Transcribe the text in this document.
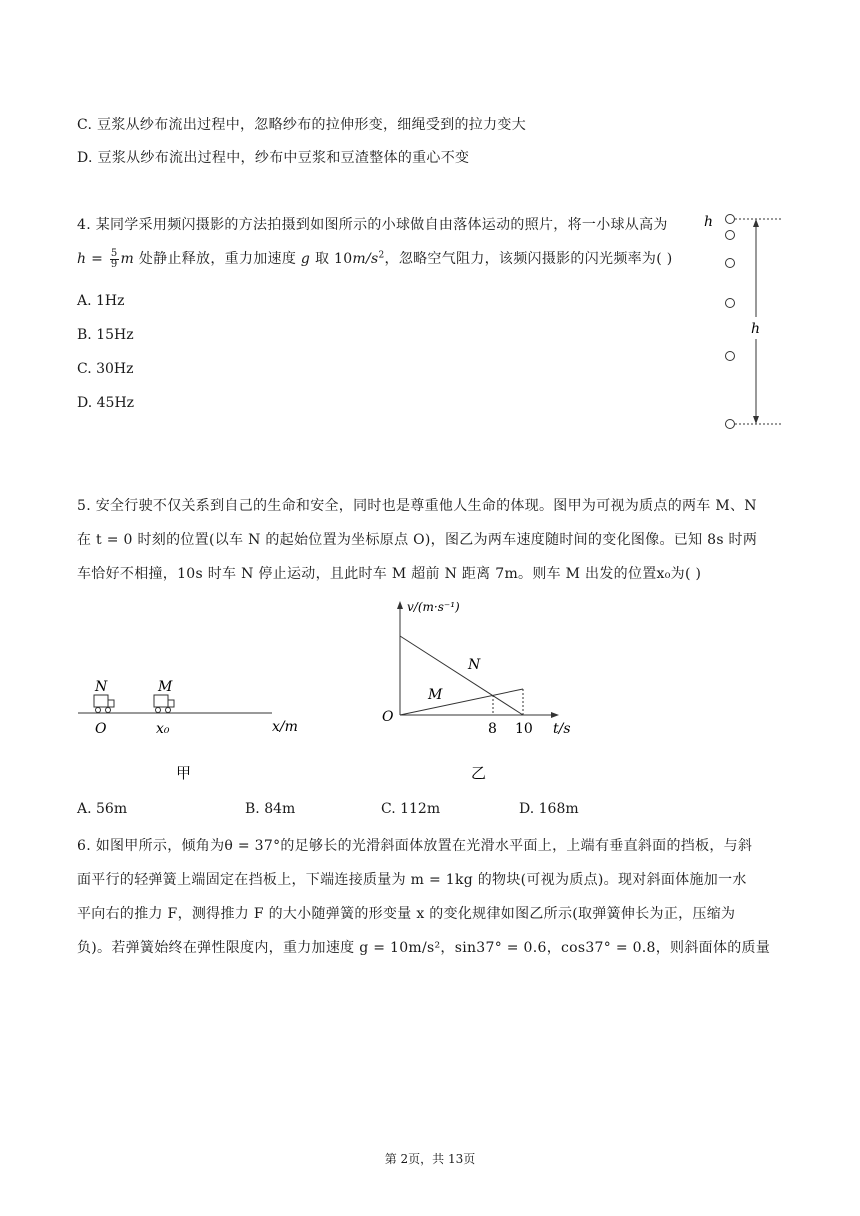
C. 豆浆从纱布流出过程中，忽略纱布的拉伸形变，细绳受到的拉力变大
D. 豆浆从纱布流出过程中，纱布中豆浆和豆渣整体的重心不变
4. 某同学采用频闪摄影的方法拍摄到如图所示的小球做自由落体运动的照片，将一小球从高为
$h = \frac{5}{9}$ m 处静止释放，重力加速度 g 取 $10m/s^2$，忽略空气阻力，该频闪摄影的闪光频率为( )
A. 1Hz
B. 15Hz
C. 30Hz
D. 45Hz
h
h
5. 安全行驶不仅关系到自己的生命和安全，同时也是尊重他人生命的体现。图甲为可视为质点的两车 M、N
在 t = 0 时刻的位置(以车 N 的起始位置为坐标原点 O)，图乙为两车速度随时间的变化图像。已知 8s 时两
车恰好不相撞，10s 时车 N 停止运动，且此时车 M 超前 N 距离 7m。则车 M 出发的位置x₀为( )
N	M
O	x₀	x/m
甲
v/(m·s⁻¹)
N
M
O
8 10 t/s
乙
A. 56m	B. 84m	C. 112m	D. 168m
6. 如图甲所示，倾角为θ = 37°的足够长的光滑斜面体放置在光滑水平面上，上端有垂直斜面的挡板，与斜
面平行的轻弹簧上端固定在挡板上，下端连接质量为 m = 1kg 的物块(可视为质点)。现对斜面体施加一水
平向右的推力 F，测得推力 F 的大小随弹簧的形变量 x 的变化规律如图乙所示(取弹簧伸长为正，压缩为
负)。若弹簧始终在弹性限度内，重力加速度 g = 10m/s²，sin37° = 0.6，cos37° = 0.8，则斜面体的质量
第 2页，共 13页
